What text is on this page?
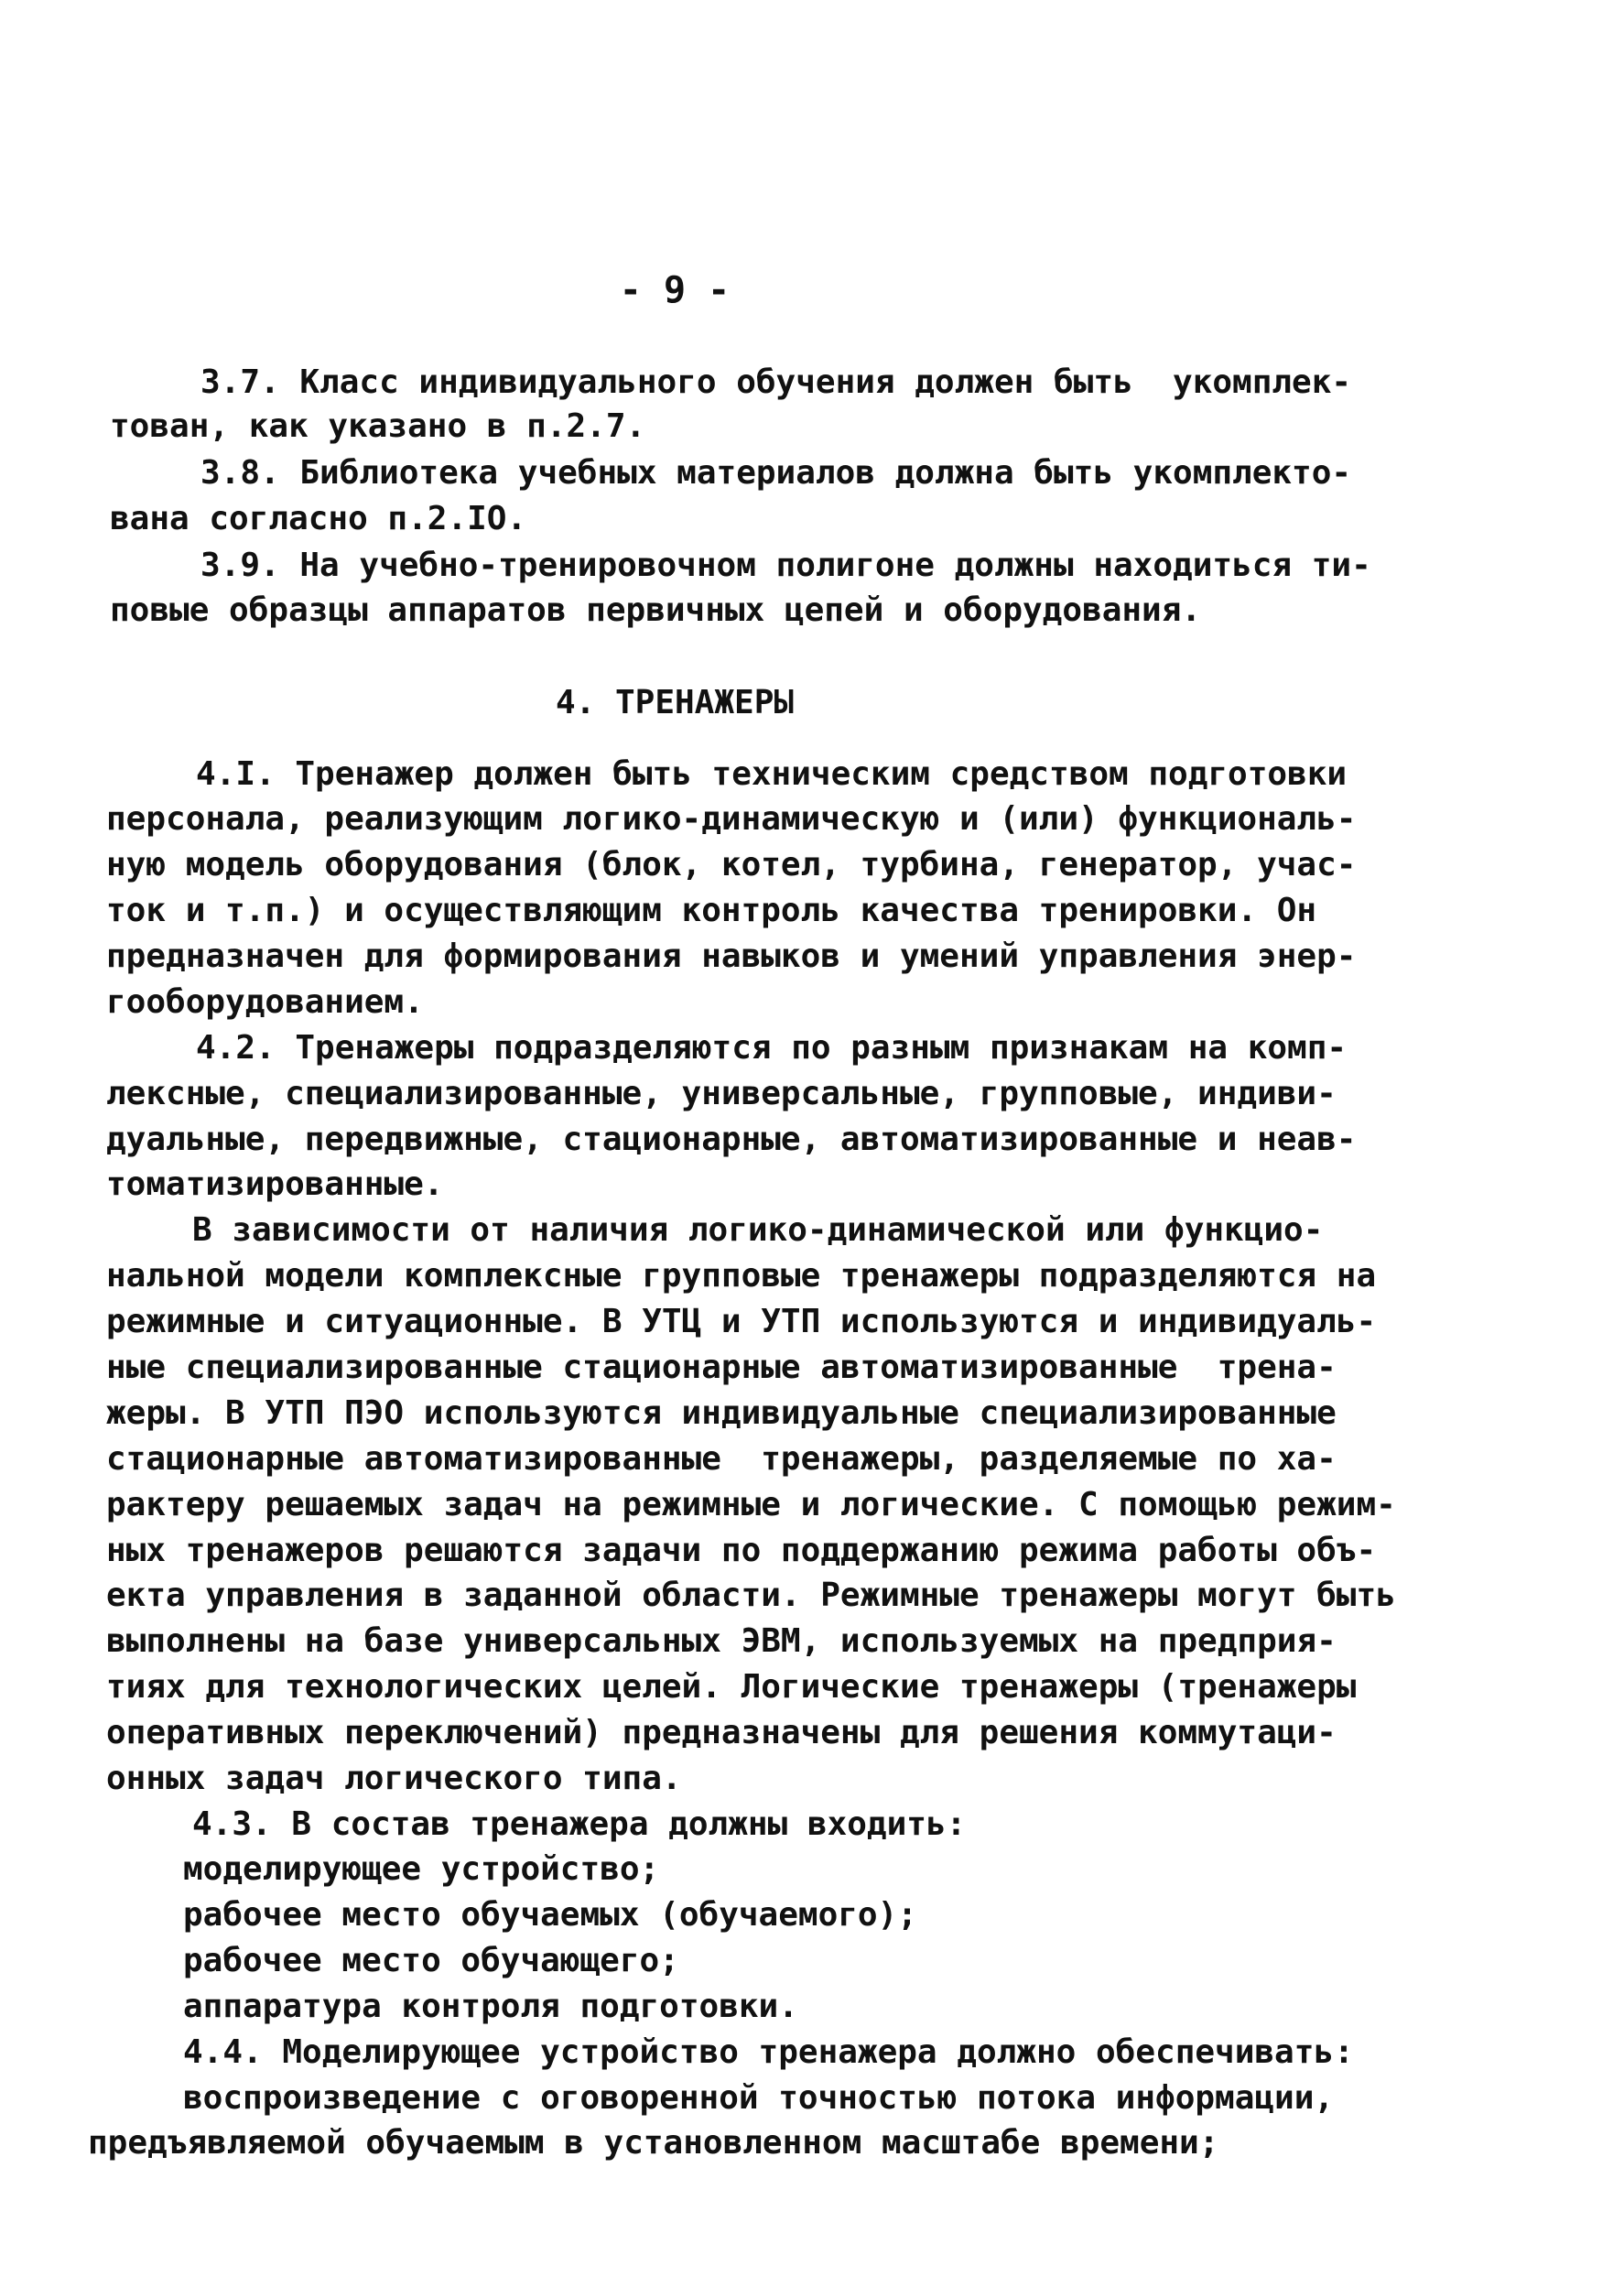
- 9 -
3.7. Класс индивидуального обучения должен быть  укомплек-
тован, как указано в п.2.7.
3.8. Библиотека учебных материалов должна быть укомплекто-
вана согласно п.2.IO.
3.9. На учебно-тренировочном полигоне должны находиться ти-
повые образцы аппаратов первичных цепей и оборудования.
4. ТРЕНАЖЕРЫ
4.I. Тренажер должен быть техническим средством подготовки
персонала, реализующим логико-динамическую и (или) функциональ-
ную модель оборудования (блок, котел, турбина, генератор, учас-
ток и т.п.) и осуществляющим контроль качества тренировки. Он
предназначен для формирования навыков и умений управления энер-
гооборудованием.
4.2. Тренажеры подразделяются по разным признакам на комп-
лексные, специализированные, универсальные, групповые, индиви-
дуальные, передвижные, стационарные, автоматизированные и неав-
томатизированные.
В зависимости от наличия логико-динамической или функцио-
нальной модели комплексные групповые тренажеры подразделяются на
режимные и ситуационные. В УТЦ и УТП используются и индивидуаль-
ные специализированные стационарные автоматизированные  трена-
жеры. В УТП ПЭО используются индивидуальные специализированные
стационарные автоматизированные  тренажеры, разделяемые по ха-
рактеру решаемых задач на режимные и логические. С помощью режим-
ных тренажеров решаются задачи по поддержанию режима работы объ-
екта управления в заданной области. Режимные тренажеры могут быть
выполнены на базе универсальных ЭВМ, используемых на предприя-
тиях для технологических целей. Логические тренажеры (тренажеры
оперативных переключений) предназначены для решения коммутаци-
онных задач логического типа.
4.3. В состав тренажера должны входить:
моделирующее устройство;
рабочее место обучаемых (обучаемого);
рабочее место обучающего;
аппаратура контроля подготовки.
4.4. Моделирующее устройство тренажера должно обеспечивать:
воспроизведение с оговоренной точностью потока информации,
предъявляемой обучаемым в установленном масштабе времени;
